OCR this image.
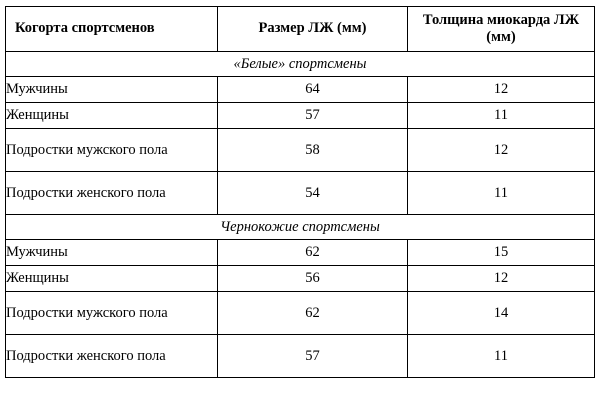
Когорта спортсменов	Размер ЛЖ (мм)	Толщина миокарда ЛЖ (мм)
«Белые» спортсмены		
Мужчины	64	12
Женщины	57	11
Подростки мужского пола	58	12
Подростки женского пола	54	11
Чернокожие спортсмены		
Мужчины	62	15
Женщины	56	12
Подростки мужского пола	62	14
Подростки женского пола	57	11
